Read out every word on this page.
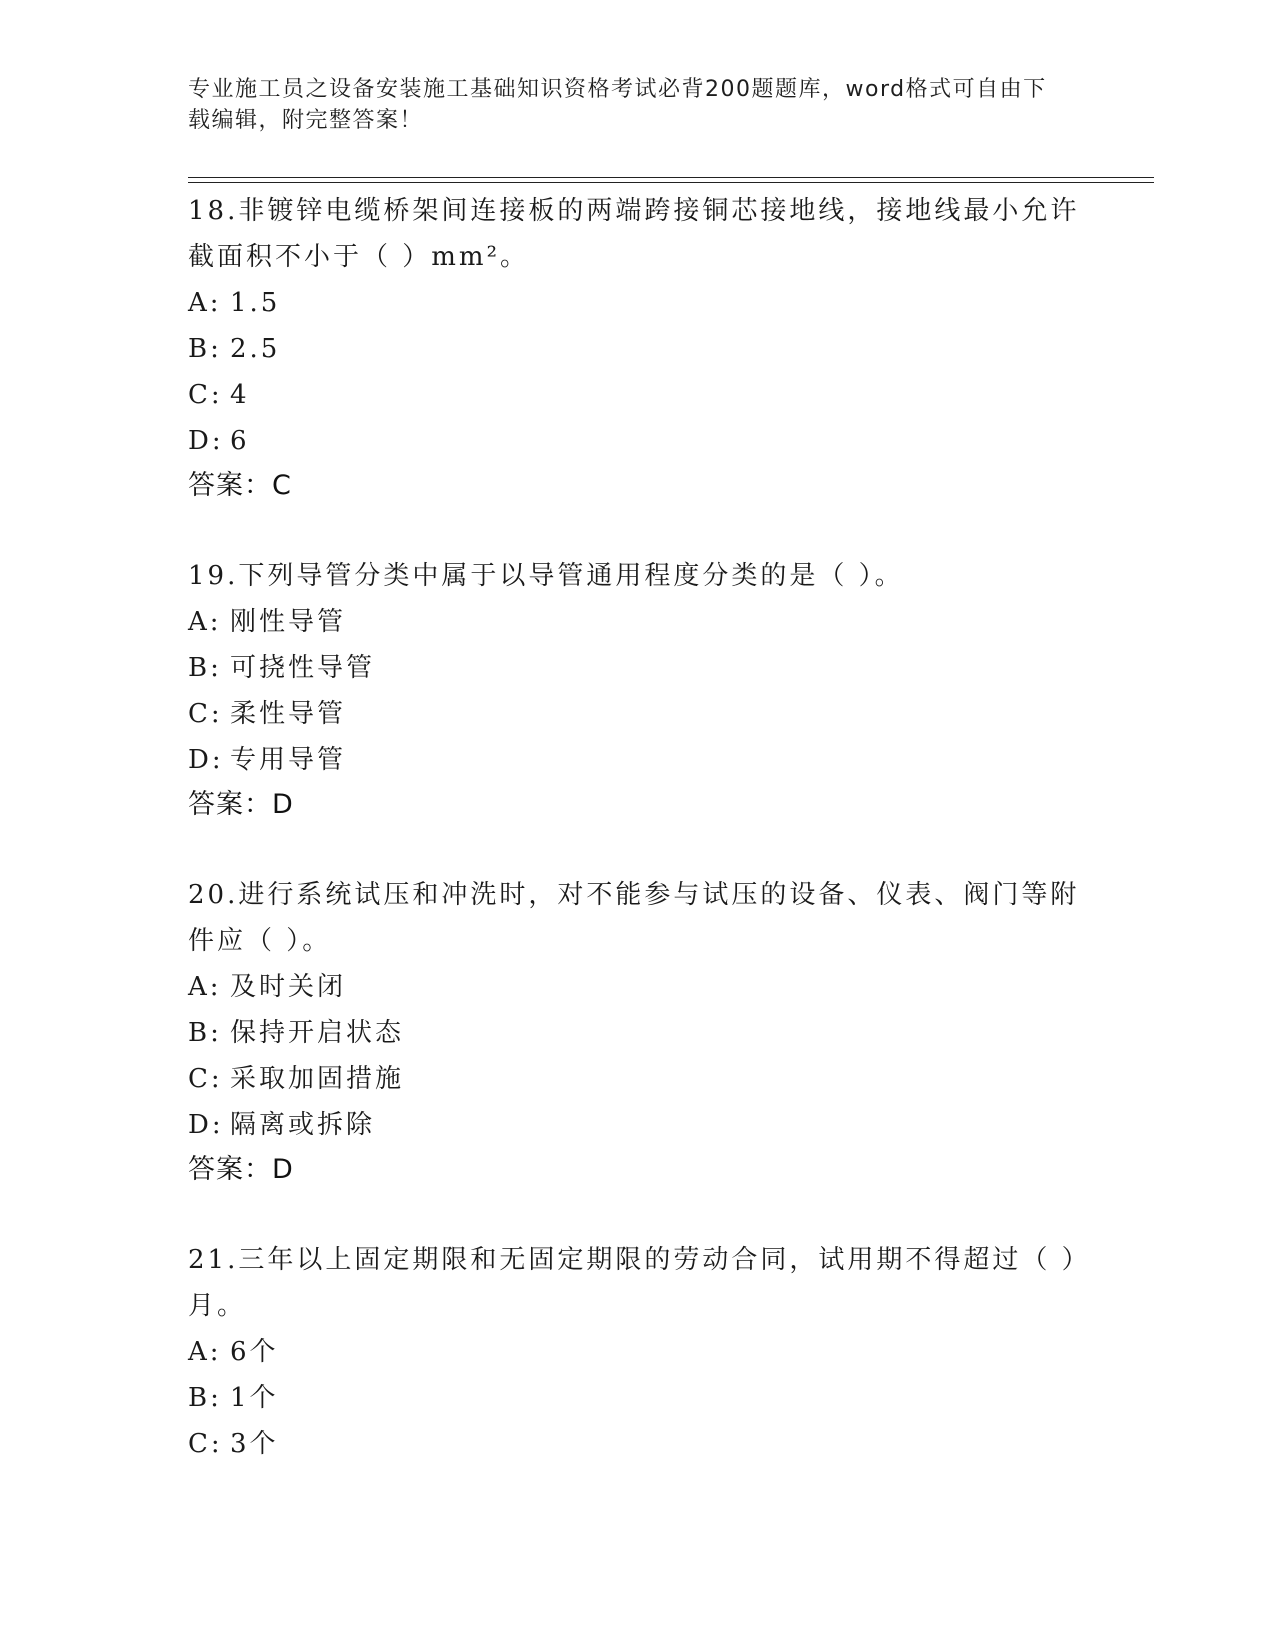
专业施工员之设备安装施工基础知识资格考试必背200题题库，word格式可自由下载编辑，附完整答案！

18.非镀锌电缆桥架间连接板的两端跨接铜芯接地线，接地线最小允许截面积不小于（ ）mm²。

A: 1.5
B: 2.5
C: 4
D: 6
答案：C

19.下列导管分类中属于以导管通用程度分类的是（ ）。

A: 刚性导管
B: 可挠性导管
C: 柔性导管
D: 专用导管
答案：D

20.进行系统试压和冲洗时，对不能参与试压的设备、仪表、阀门等附件应（ ）。

A: 及时关闭
B: 保持开启状态
C: 采取加固措施
D: 隔离或拆除
答案：D

21.三年以上固定期限和无固定期限的劳动合同，试用期不得超过（ ）月。

A: 6个
B: 1个
C: 3个
